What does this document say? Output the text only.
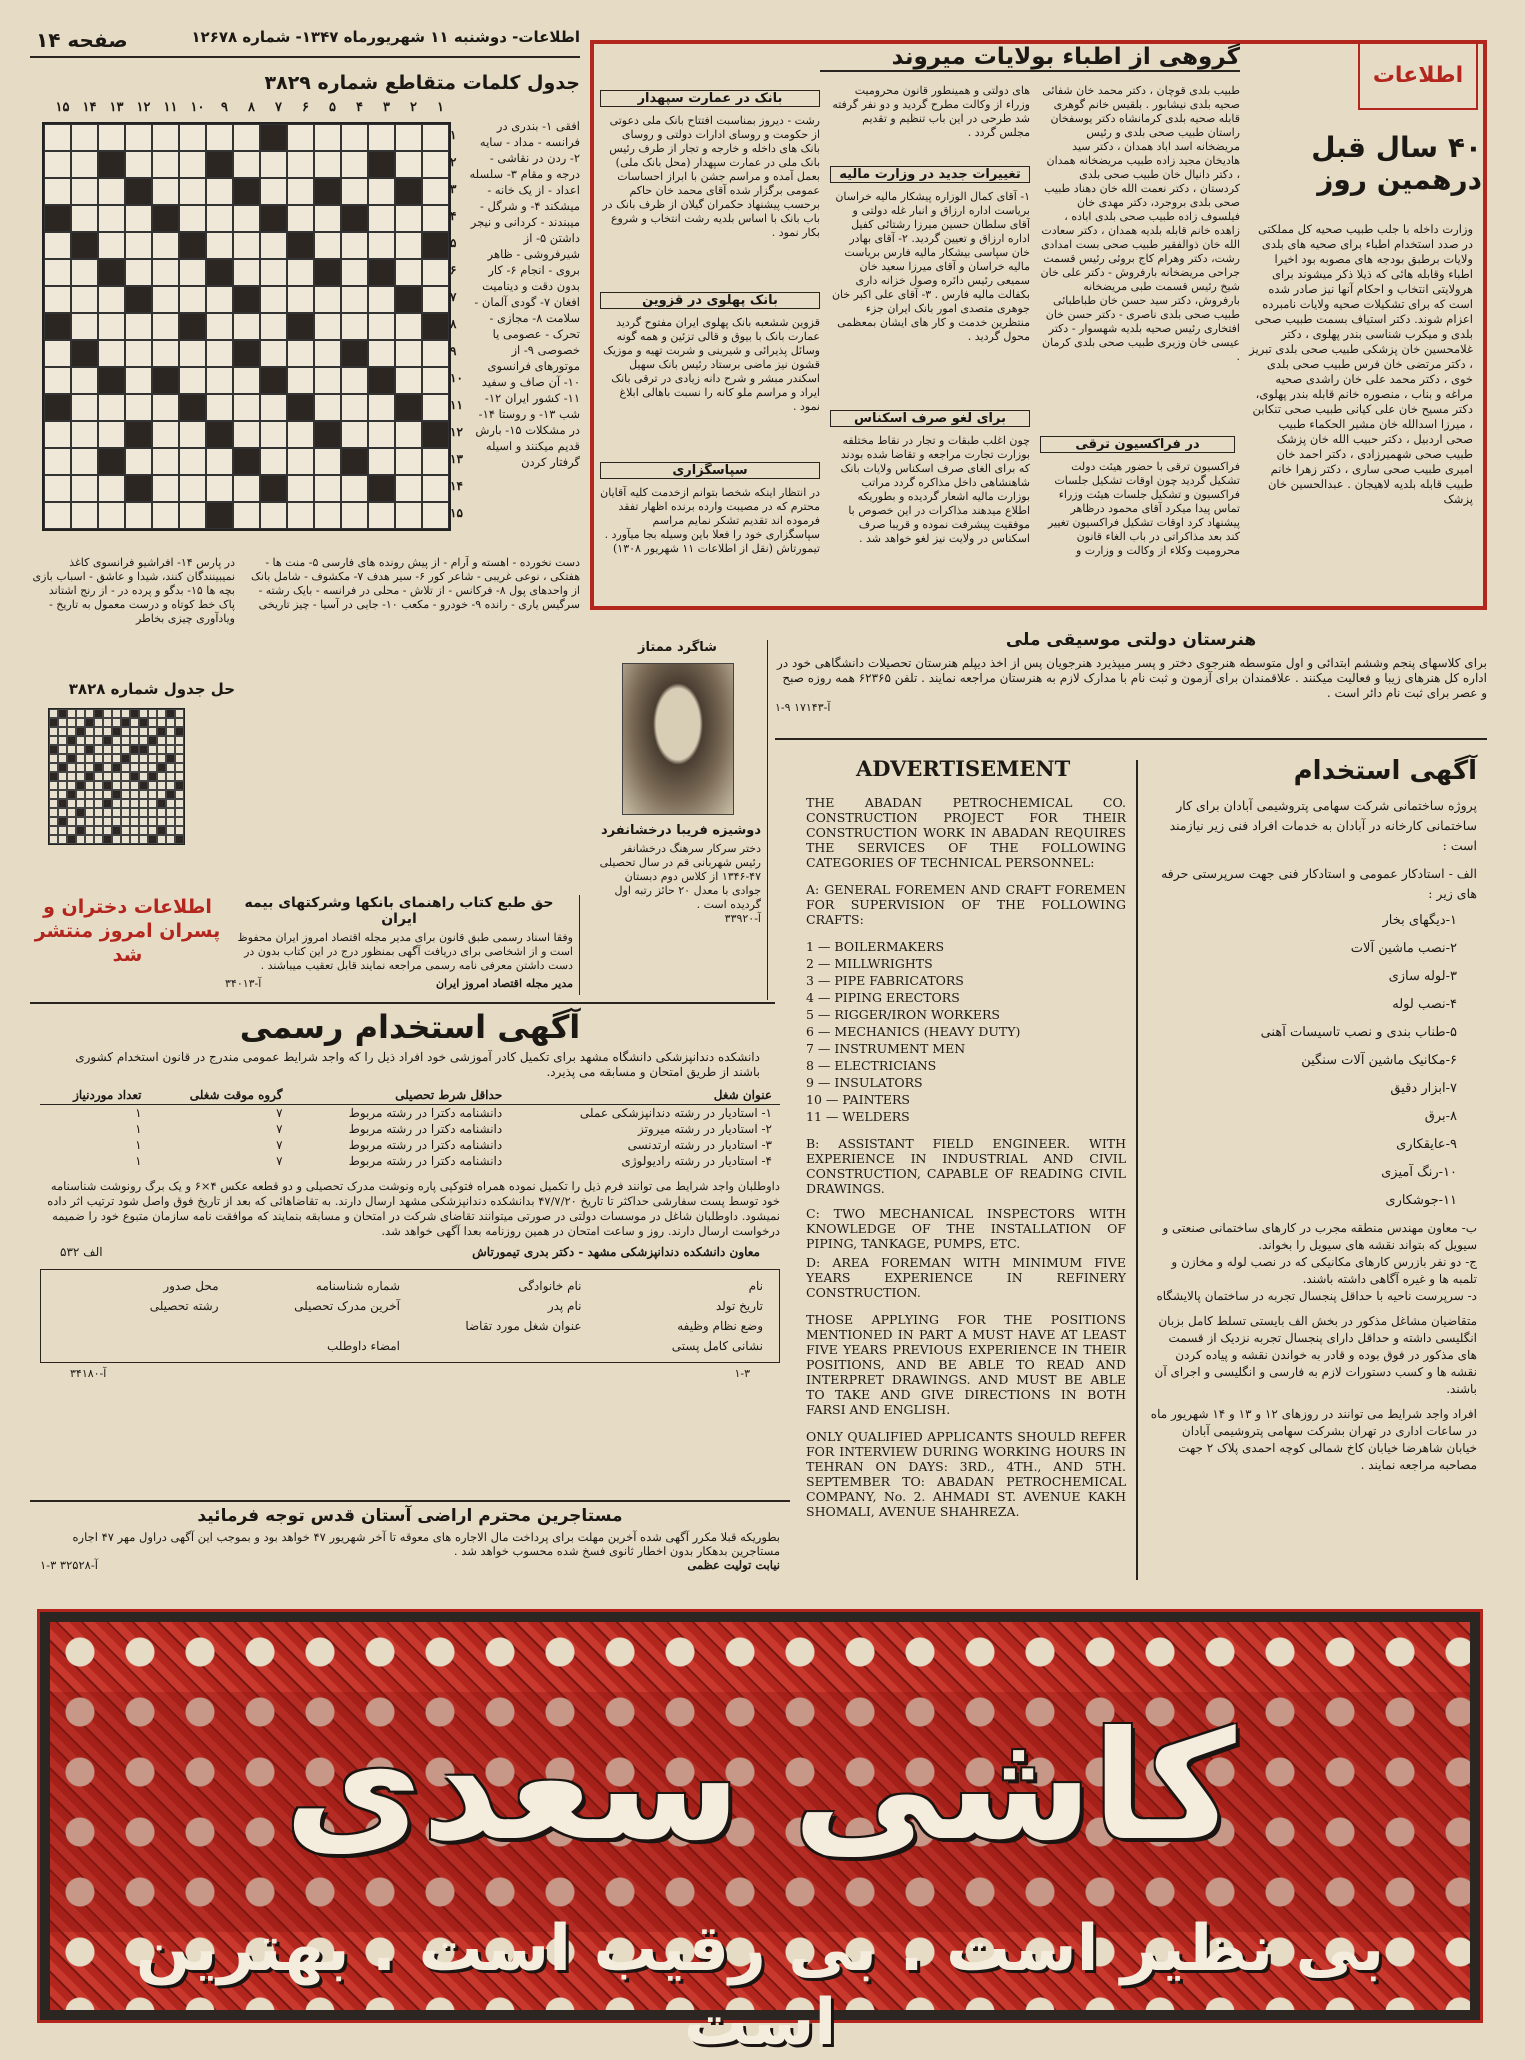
اطلاعات- دوشنبه ۱۱ شهریورماه ۱۳۴۷- شماره ۱۲۶۷۸
صفحه ۱۴
جدول کلمات متقاطع شماره ۳۸۲۹
۱
۲
۳
۴
۵
۶
۷
۸
۹
۱۰
۱۱
۱۲
۱۳
۱۴
۱۵
۱
۲
۳
۴
۵
۶
۷
۸
۹
۱۰
۱۱
۱۲
۱۳
۱۴
۱۵
افقی ۱- بندری در فرانسه - مداد - سایه ۲- ردن در نقاشی - درجه و مقام ۳- سلسله اعداد - از یک خانه - میشکند ۴- و شرگل - میبندند - کردانی و نیجر داشتن ۵- از شیرفروشی - ظاهر بروی - انجام ۶- کار بدون دقت و دینامیت افغان ۷- گودی آلمان - سلامت ۸- مجازی - تحرک - عصومی یا خصوصی ۹- از موتورهای فرانسوی ۱۰- آن صاف و سفید ۱۱- کشور ایران ۱۲- شب ۱۳- و روستا ۱۴- در مشکلات ۱۵- بارش قدیم میکنند و اسیله گرفتار کردن
در پارس ۱۴- افراشیو فرانسوی کاغذ نمیبینندگان کنند، شیدا و عاشق - اسباب بازی بچه ها ۱۵- بدگو و پرده در - از رنج اشتاند پاک خط کوتاه و درست معمول به تاریخ - ویادآوری چیزی بخاطر
دست نخورده - اهسته و آرام - از پیش رونده های فارسی ۵- منت ها - هفتکی ، نوعی غریبی - شاعر کور ۶- سیر هدف ۷- مکشوف - شامل بانک از واحدهای پول ۸- فرکانس - از تلاش - محلی در فرانسه - بایک رشته - سرگیس یاری - رانده ۹- خودرو - مکعب ۱۰- جایی در آسیا - چیز تاریخی
حل جدول شماره ۳۸۲۸
اطلاعات دختران و پسران امروز منتشر شد
حق طبع کتاب راهنمای بانکها وشرکتهای بیمه ایران
وفقا اسناد رسمی طبق قانون برای مدیر مجله اقتصاد امروز ایران محفوظ است و از اشخاصی برای دریافت آگهی بمنظور درج در این کتاب بدون در دست داشتن معرفی نامه رسمی مراجعه نمایند قابل تعقیب میباشند .
مدیر مجله اقتصاد امروز ایران
آ-۳۴۰۱۳
شاگرد ممتاز
دوشیزه فریبا درخشانفرد
دختر سرکار سرهنگ درخشانفر رئیس شهربانی قم در سال تحصیلی ۴۷-۱۳۴۶ از کلاس دوم دبستان جوادی با معدل ۲۰ حائز رتبه اول گردیده است .
آ-۳۳۹۲۰
اطلاعات
۴۰ سال قبل
درهمین روز
وزارت داخله با جلب طبیب صحیه کل مملکتی در صدد استخدام اطباء برای صحیه های بلدی ولایات برطبق بودجه های مصوبه بود اخیرا اطباء وقابله هائی که ذیلا ذکر میشوند برای هرولایتی انتخاب و احکام آنها نیز صادر شده است که برای تشکیلات صحیه ولایات نامبرده اعزام شوند. دکتر استیاف بسمت طبیب صحی بلدی و میکرب شناسی بندر پهلوی ، دکتر غلامحسین خان پزشکی طبیب صحی بلدی تبریز ، دکتر مرتضی خان فرس طبیب صحی بلدی خوی ، دکتر محمد علی خان راشدی صحیه مراغه و بناب ، منصوره خانم قابله بندر پهلوی، دکتر مسیح خان علی کیانی طبیب صحی تنکابن ، میرزا اسدالله خان مشیر الحکماء طبیب صحی اردبیل ، دکتر حبیب الله خان پزشک طبیب صحی شهمیرزادی ، دکتر احمد خان امیری طبیب صحی ساری ، دکتر زهرا خانم طبیب قابله بلدیه لاهیجان . عبدالحسین خان پزشک
گروهی از اطباء بولایات میروند
طبیب بلدی قوچان ، دکتر محمد خان شفائی صحیه بلدی نیشابور . بلقیس خانم گوهری قابله صحیه بلدی کرمانشاه دکتر یوسفخان راستان طبیب صحی بلدی و رئیس مریضخانه اسد اباد همدان ، دکتر سید هادیخان مجید زاده طبیب مریضخانه همدان ، دکتر دانیال خان طبیب صحی بلدی کردستان ، دکتر نعمت الله خان دهناد طبیب صحی بلدی بروجرد، دکتر مهدی خان فیلسوف زاده طبیب صحی بلدی اباده ، زاهده خانم قابله بلدیه همدان ، دکتر سعادت الله خان ذوالفقیر طبیب صحی بست امدادی رشت، دکتر وهرام کاج بروئی رئیس قسمت جراحی مریضخانه بارفروش - دکتر علی خان شیخ رئیس قسمت طبی مریضخانه بارفروش، دکتر سید حسن خان طباطبائی طبیب صحی بلدی ناصری - دکتر حسن خان افتخاری رئیس صحیه بلدیه شهسوار - دکتر عیسی خان وزیری طبیب صحی بلدی کرمان .
های دولتی و همینطور قانون محرومیت وزراء از وکالت مطرح گردید و دو نفر گرفته شد طرحی در این باب تنظیم و تقدیم مجلس گردد .
در فراکسیون ترقی
فراکسیون ترقی با حضور هیئت دولت تشکیل گردید چون اوقات تشکیل جلسات فراکسیون و تشکیل جلسات هیئت وزراء تماس پیدا میکرد آقای محمود درظاهر پیشنهاد کرد اوقات تشکیل فراکسیون تغییر کند بعد مذاکراتی در باب الغاء قانون محرومیت وکلاء از وکالت و وزارت و
تغییرات جدید در وزارت مالیه
۱- آقای کمال الوزاره پیشکار مالیه خراسان بریاست اداره ارزاق و انبار غله دولتی و آقای سلطان حسین میرزا رشتائی کفیل اداره ارزاق و تعیین گردید. ۲- آقای بهادر خان سپاسی بیشکار مالیه فارس بریاست مالیه خراسان و آقای میرزا سعید خان سمیعی رئیس دائره وصول خزانه داری بکفالت مالیه فارس . ۳- آقای علی اکبر خان جوهری متصدی امور بانک ایران جزء منتظرین خدمت و کار های ایشان بمعظمی محول گردید .
برای لغو صرف اسکناس
چون اغلب طبقات و تجار در نقاط مختلفه بوزارت تجارت مراجعه و تقاضا شده بودند که برای الغای صرف اسکناس ولایات بانک شاهنشاهی داخل مذاکره گردد مراتب بوزارت مالیه اشعار گردیده و بطوریکه اطلاع میدهند مذاکرات در این خصوص با موفقیت پیشرفت نموده و قریبا صرف اسکناس در ولایت نیز لغو خواهد شد .
بانک در عمارت سپهدار
رشت - دیروز بمناسبت افتتاح بانک ملی دعوتی از حکومت و روسای ادارات دولتی و روسای بانک های داخله و خارجه و تجار از طرف رئیس بانک ملی در عمارت سپهدار (محل بانک ملی) بعمل آمده و مراسم جشن با ابراز احساسات عمومی برگزار شده آقای محمد خان حاکم برحسب پیشنهاد حکمران گیلان از ظرف بانک در باب بانک با اساس بلدیه رشت انتخاب و شروع بکار نمود .
بانک پهلوی در قزوین
قزوین ششعبه بانک پهلوی ایران مفتوح گردید عمارت بانک با بیوق و قالی تزئین و همه گونه وسائل پذیرائی و شیرینی و شربت تهیه و موزیک قشون نیز ماضی برستاد رئیس بانک سهیل اسکندر مبشر و شرح دانه زیادی در ترقی بانک ایراد و مراسم ملو کانه را نسبت باهالی ابلاغ نمود .
سپاسگزاری
در انتظار اینکه شخصا بتوانم ازخدمت کلیه آقایان محترم که در مصیبت وارده برنده اظهار تفقد فرموده اند تقدیم تشکر نمایم مراسم سپاسگزاری خود را فعلا باین وسیله بجا میآورد . تیمورتاش (نقل از اطلاعات ۱۱ شهریور ۱۳۰۸)
هنرستان دولتی موسیقی ملی
برای کلاسهای پنجم وششم ابتدائی و اول متوسطه هنرجوی دختر و پسر میپذیرد هنرجویان پس از اخذ دیپلم هنرستان تحصیلات دانشگاهی خود در اداره کل هنرهای زیبا و فعالیت میکنند . علاقمندان برای آزمون و ثبت نام با مدارک لازم به هنرستان مراجعه نمایند . تلفن ۶۲۳۶۵ همه روزه صبح و عصر برای ثبت نام دائر است .
آ-۱۷۱۴۳ ۹-۱
آگهی استخدام
پروژه ساختمانی شرکت سهامی پتروشیمی آبادان برای کار ساختمانی کارخانه در آبادان به خدمات افراد فنی زیر نیازمند است :
الف - استادکار عمومی و استادکار فنی جهت سرپرستی حرفه های زیر :
۱-دیگهای بخار
۲-نصب ماشین آلات
۳-لوله سازی
۴-نصب لوله
۵-طناب بندی و نصب تاسیسات آهنی
۶-مکانیک ماشین آلات سنگین
۷-ابزار دقیق
۸-برق
۹-عایقکاری
۱۰-رنگ آمیزی
۱۱-جوشکاری
ب- معاون مهندس منطقه مجرب در کارهای ساختمانی صنعتی و سیویل که بتواند نقشه های سیویل را بخواند.
ج- دو نفر بازرس کارهای مکانیکی که در نصب لوله و مخازن و تلمبه ها و غیره آگاهی داشته باشند.
د- سرپرست ناحیه با حداقل پنجسال تجربه در ساختمان پالایشگاه
متقاضیان مشاغل مذکور در بخش الف بایستی تسلط کامل بزبان انگلیسی داشته و حداقل دارای پنجسال تجربه نزدیک از قسمت های مذکور در فوق بوده و قادر به خواندن نقشه و پیاده کردن نقشه ها و کسب دستورات لازم به فارسی و انگلیسی و اجرای آن باشند.
افراد واجد شرایط می توانند در روزهای ۱۲ و ۱۳ و ۱۴ شهریور ماه در ساعات اداری در تهران بشرکت سهامی پتروشیمی آبادان خیابان شاهرضا خیابان کاخ شمالی کوچه احمدی پلاک ۲ جهت مصاحبه مراجعه نمایند .
ADVERTISEMENT
THE ABADAN PETROCHEMICAL CO. CONSTRUCTION PROJECT FOR THEIR CONSTRUCTION WORK IN ABADAN REQUIRES THE SERVICES OF THE FOLLOWING CATEGORIES OF TECHNICAL PERSONNEL:
A: GENERAL FOREMEN AND CRAFT FOREMEN FOR SUPERVISION OF THE FOLLOWING CRAFTS:
1 — BOILERMAKERS
2 — MILLWRIGHTS
3 — PIPE FABRICATORS
4 — PIPING ERECTORS
5 — RIGGER/IRON WORKERS
6 — MECHANICS (HEAVY DUTY)
7 — INSTRUMENT MEN
8 — ELECTRICIANS
9 — INSULATORS
10 — PAINTERS
11 — WELDERS
B: ASSISTANT FIELD ENGINEER. WITH EXPERIENCE IN INDUSTRIAL AND CIVIL CONSTRUCTION, CAPABLE OF READING CIVIL DRAWINGS.
C: TWO MECHANICAL INSPECTORS WITH KNOWLEDGE OF THE INSTALLATION OF PIPING, TANKAGE, PUMPS, ETC.
D: AREA FOREMAN WITH MINIMUM FIVE YEARS EXPERIENCE IN REFINERY CONSTRUCTION.
THOSE APPLYING FOR THE POSITIONS MENTIONED IN PART A MUST HAVE AT LEAST FIVE YEARS PREVIOUS EXPERIENCE IN THEIR POSITIONS, AND BE ABLE TO READ AND INTERPRET DRAWINGS. AND MUST BE ABLE TO TAKE AND GIVE DIRECTIONS IN BOTH FARSI AND ENGLISH.
ONLY QUALIFIED APPLICANTS SHOULD REFER FOR INTERVIEW DURING WORKING HOURS IN TEHRAN ON DAYS: 3RD., 4TH., AND 5TH. SEPTEMBER TO: ABADAN PETROCHEMICAL COMPANY, No. 2. AHMADI ST. AVENUE KAKH SHOMALI, AVENUE SHAHREZA.
آگهی استخدام رسمی
دانشکده دندانپزشکی دانشگاه مشهد برای تکمیل کادر آموزشی خود افراد ذیل را که واجد شرایط عمومی مندرج در قانون استخدام کشوری باشند از طریق امتحان و مسابقه می پذیرد.
عنوان شغل	حداقل شرط تحصیلی	گروه موقت شغلی	تعداد موردنیاز
۱- استادیار در رشته دندانپزشکی عملی	دانشنامه دکترا در رشته مربوط	۷	۱
۲- استادیار در رشته میروتز	دانشنامه دکترا در رشته مربوط	۷	۱
۳- استادیار در رشته ارتدنسی	دانشنامه دکترا در رشته مربوط	۷	۱
۴- استادیار در رشته رادیولوژی	دانشنامه دکترا در رشته مربوط	۷	۱
داوطلبان واجد شرایط می توانند فرم ذیل را تکمیل نموده همراه فتوکپی پاره ونوشت مدرک تحصیلی و دو قطعه عکس ۴×۶ و یک برگ رونوشت شناسنامه خود توسط پست سفارشی حداکثر تا تاریخ ۴۷/۷/۲۰ بدانشکده دندانپزشکی مشهد ارسال دارند. به تقاضاهائی که بعد از تاریخ فوق واصل شود ترتیب اثر داده نمیشود. داوطلبان شاغل در موسسات دولتی در صورتی میتوانند تقاضای شرکت در امتحان و مسابقه بنمایند که موافقت نامه سازمان متبوع خود را ضمیمه درخواست ارسال دارند. روز و ساعت امتحان در همین روزنامه بعدا آگهی خواهد شد.
معاون دانشکده دندانپزشکی مشهد - دکتر بدری تیمورتاش
الف ۵۳۲
نام	نام خانوادگی	شماره شناسنامه	محل صدور
تاریخ تولد	نام پدر	آخرین مدرک تحصیلی	رشته تحصیلی
وضع نظام وظیفه	عنوان شغل مورد تقاضا		
نشانی کامل پستی		امضاء داوطلب	
۱-۳
آ-۳۴۱۸۰
مستاجرین محترم اراضی آستان قدس توجه فرمائید
بطوریکه قبلا مکرر آگهی شده آخرین مهلت برای پرداخت مال الاجاره های معوقه تا آخر شهریور ۴۷ خواهد بود و بموجب این آگهی دراول مهر ۴۷ اجاره مستاجرین بدهکار بدون اخطار ثانوی فسخ شده محسوب خواهد شد .
نیابت تولیت عظمی
آ-۳۲۵۲۸ ۳-۱
کاشی سعدی
بی نظیر است . بی رقیب است . بهترین است
